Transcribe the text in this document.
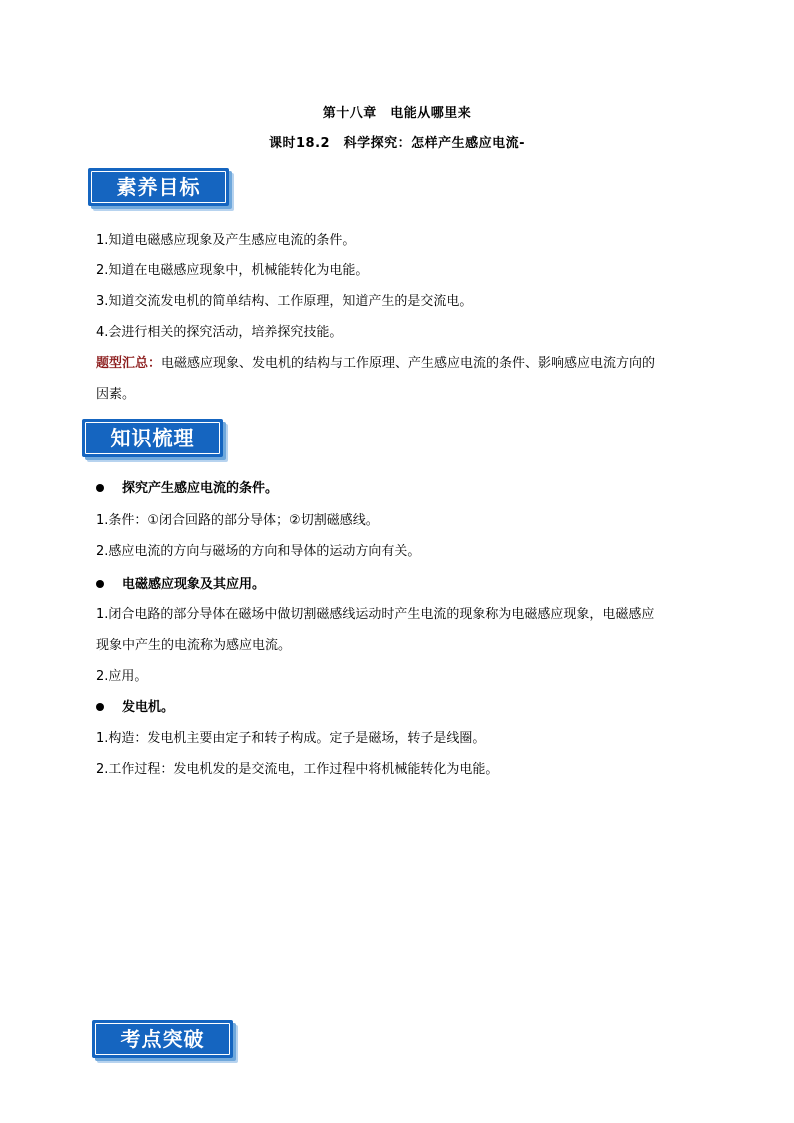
第十八章　电能从哪里来
课时18.2　科学探究：怎样产生感应电流-
素养目标
1.知道电磁感应现象及产生感应电流的条件。
2.知道在电磁感应现象中，机械能转化为电能。
3.知道交流发电机的简单结构、工作原理，知道产生的是交流电。
4.会进行相关的探究活动，培养探究技能。
题型汇总：电磁感应现象、发电机的结构与工作原理、产生感应电流的条件、影响感应电流方向的
因素。
知识梳理
探究产生感应电流的条件。
1.条件：①闭合回路的部分导体；②切割磁感线。
2.感应电流的方向与磁场的方向和导体的运动方向有关。
电磁感应现象及其应用。
1.闭合电路的部分导体在磁场中做切割磁感线运动时产生电流的现象称为电磁感应现象，电磁感应
现象中产生的电流称为感应电流。
2.应用。
发电机。
1.构造：发电机主要由定子和转子构成。定子是磁场，转子是线圈。
2.工作过程：发电机发的是交流电，工作过程中将机械能转化为电能。
考点突破
